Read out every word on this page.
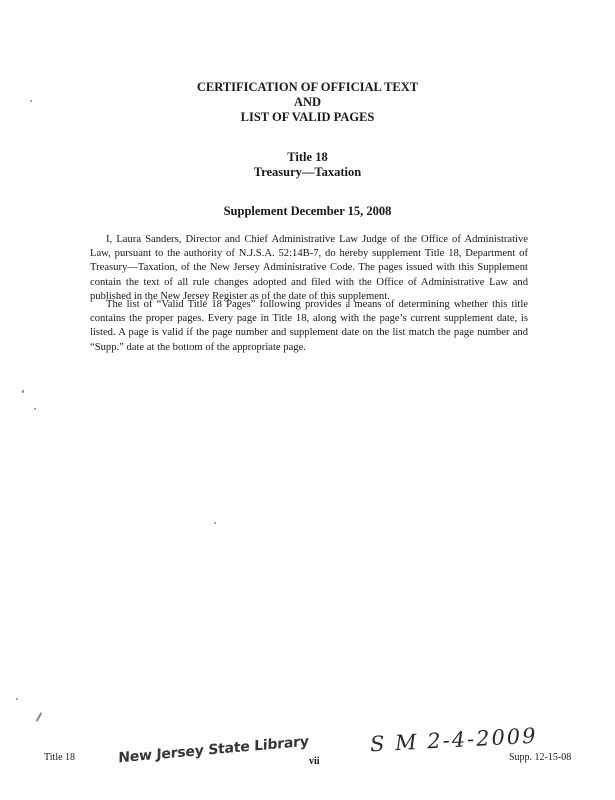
CERTIFICATION OF OFFICIAL TEXT
AND
LIST OF VALID PAGES
Title 18
Treasury—Taxation
Supplement December 15, 2008

I, Laura Sanders, Director and Chief Administrative Law Judge of the Office of Administrative Law, pursuant to the authority of N.J.S.A. 52:14B-7, do hereby supplement Title 18, Department of Treasury—Taxation, of the New Jersey Administrative Code. The pages issued with this Supplement contain the text of all rule changes adopted and filed with the Office of Administrative Law and published in the New Jersey Register as of the date of this supplement.

The list of “Valid Title 18 Pages” following provides a means of determining whether this title contains the proper pages. Every page in Title 18, along with the page’s current supplement date, is listed. A page is valid if the page number and supplement date on the list match the page number and “Supp.” date at the bottom of the appropriate page.

Title 18	New Jersey State Library vii
S M 2-4-2009
Supp. 12-15-08
